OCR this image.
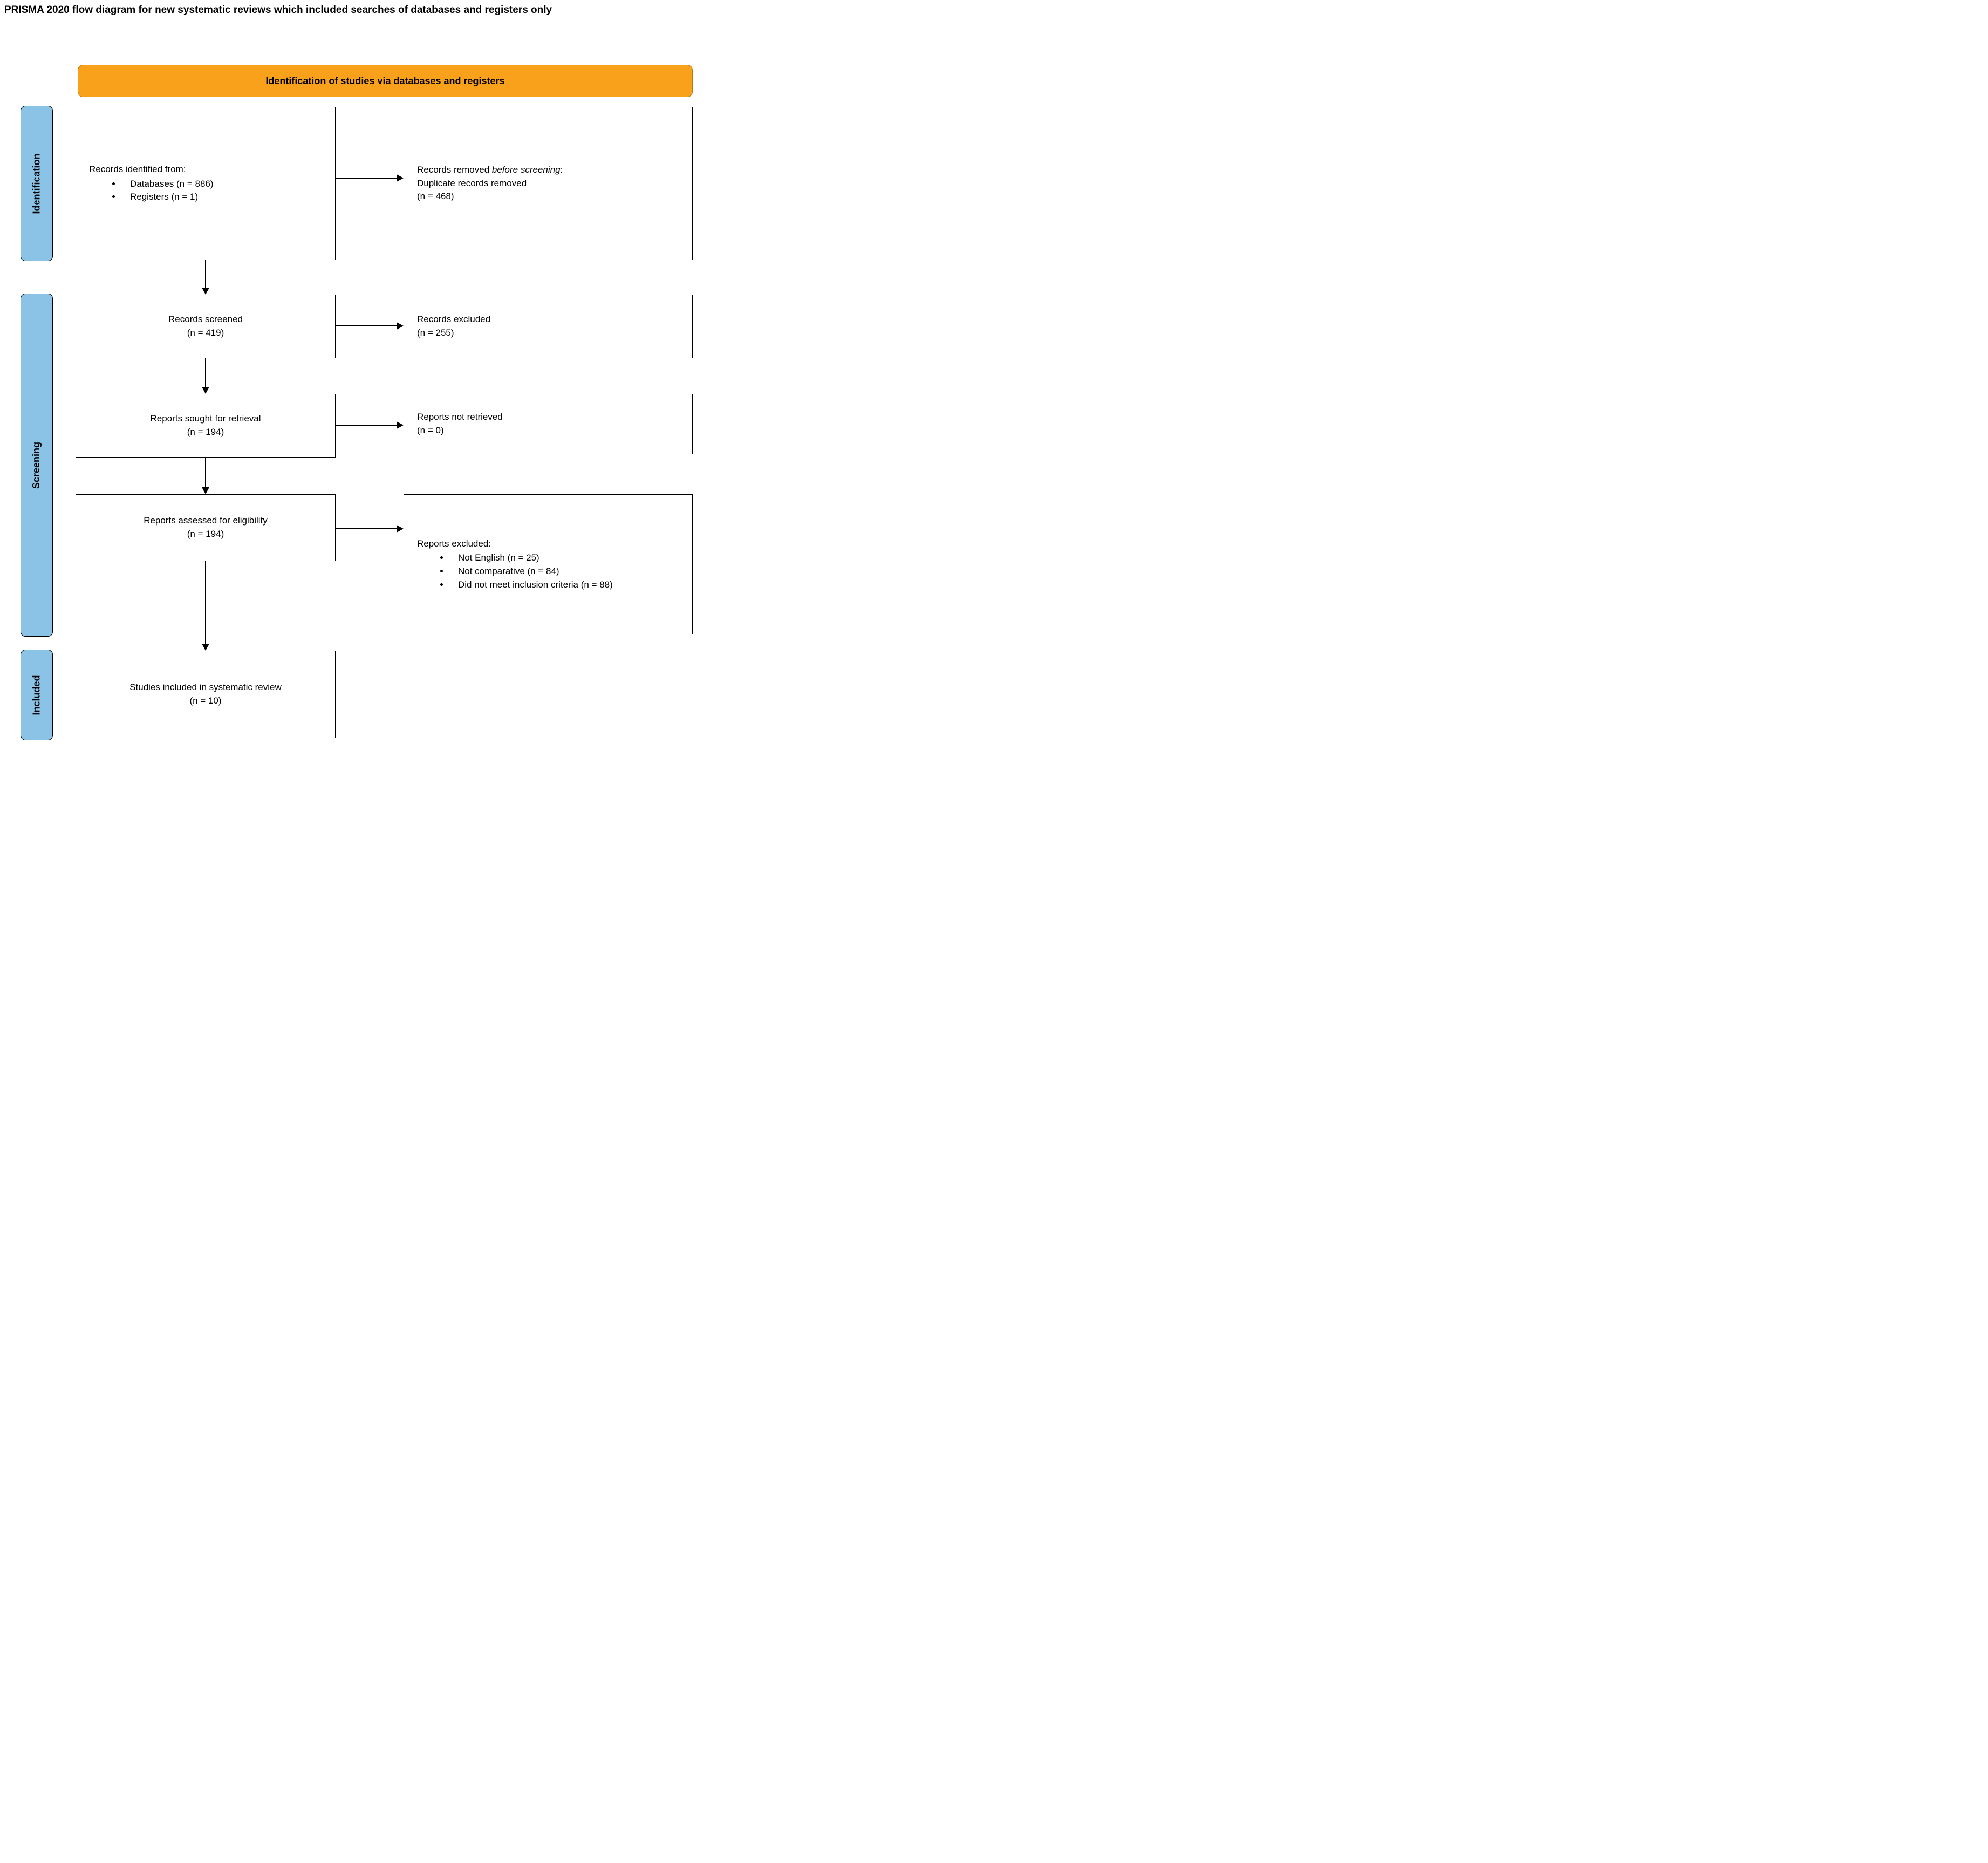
PRISMA 2020 flow diagram for new systematic reviews which included searches of databases and registers only
Identification of studies via databases and registers
Identification
Screening
Included

Records identified from:

• Databases (n = 886)
• Registers (n = 1)

Records screened

(n = 419)

Reports sought for retrieval

(n = 194)

Reports assessed for eligibility

(n = 194)

Studies included in systematic review

(n = 10)

Records removed before screening:

Duplicate records removed

(n = 468)

Records excluded

(n = 255)

Reports not retrieved

(n = 0)

Reports excluded:

• Not English (n = 25)
• Not comparative (n = 84)
• Did not meet inclusion criteria (n = 88)
